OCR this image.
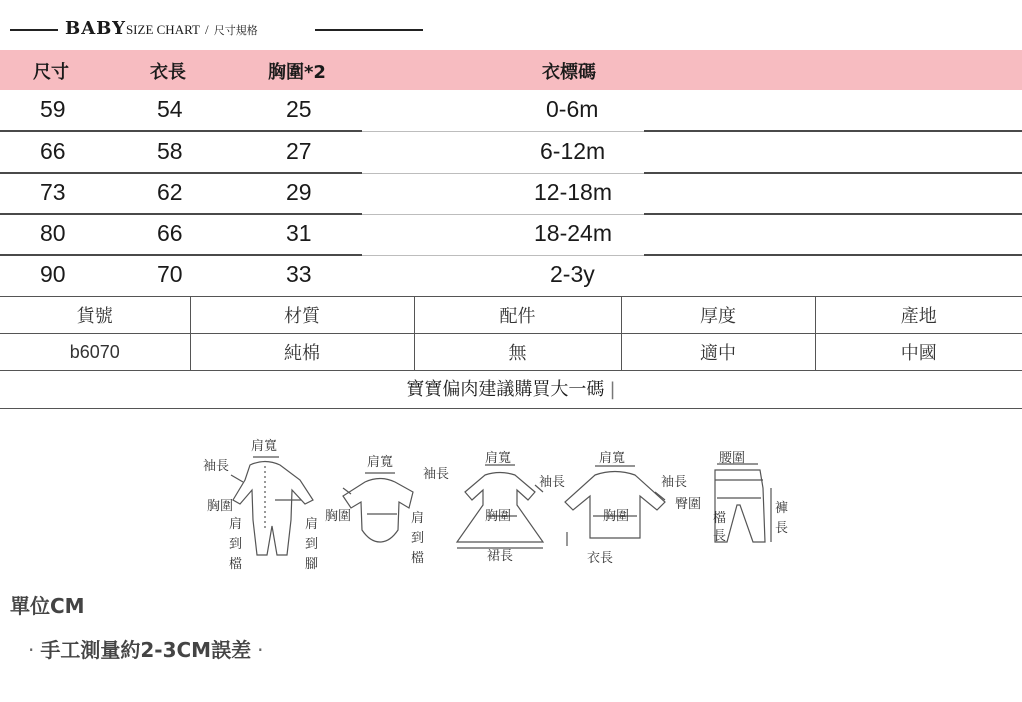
BABYSIZE CHART / 尺寸規格
尺寸	衣長	胸圍*2	衣標碼
59	54	25	0-6m
66	58	27	6-12m
73	62	29	12-18m
80	66	31	18-24m
90	70	33	2-3y
貨號	材質	配件	厚度	產地
b6070	純棉	無	適中	中國
寶寶偏肉建議購買大一碼 |
肩寬
袖長
胸圍
肩
到
檔
肩
到
腳
肩寬
袖長
胸圍	肩
到
檔
肩寬
袖長
胸圍
裙長
肩寬
袖長
胸圍
衣長
腰圍
臀圍
檔
長
褲
長
單位CM
· 手工測量約2-3CM誤差 ·
